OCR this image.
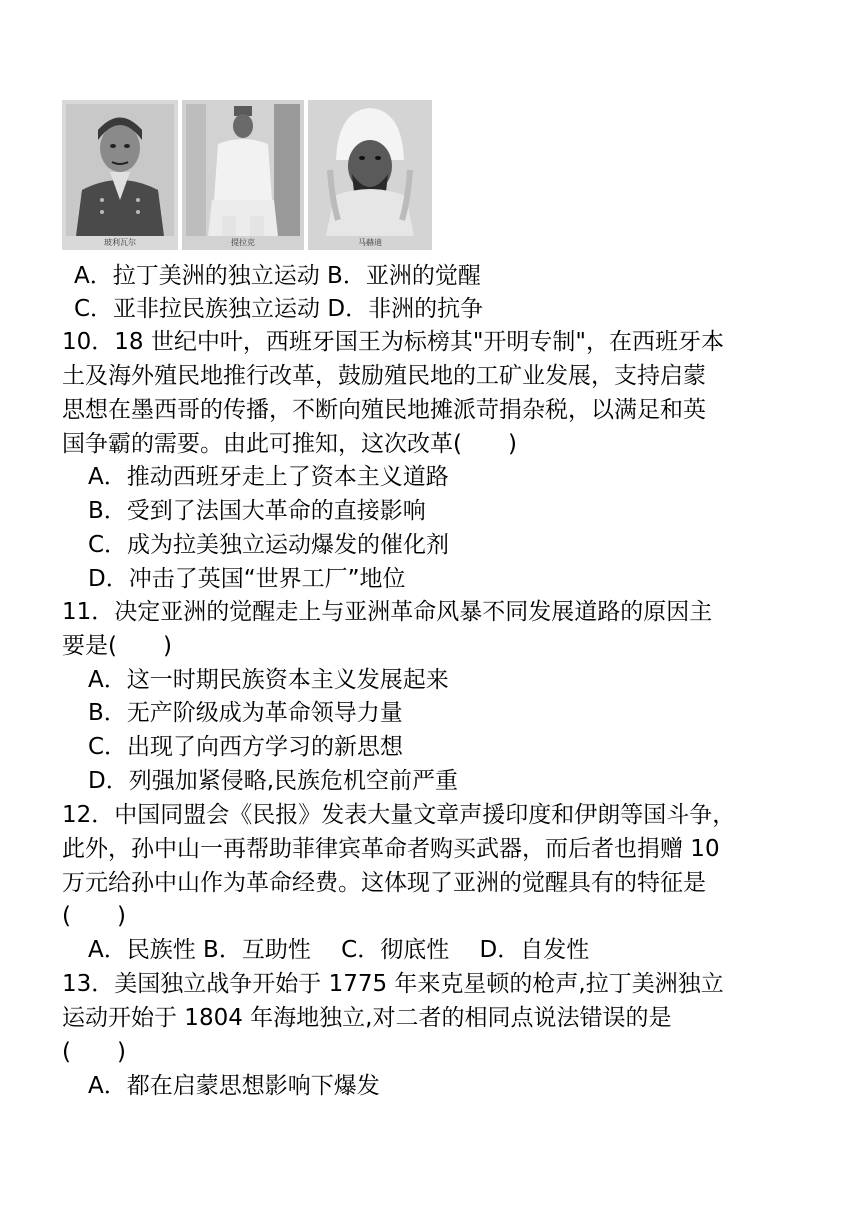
玻利瓦尔	提拉克	马赫迪
A．拉丁美洲的独立运动 B．亚洲的觉醒
C．亚非拉民族独立运动 D．非洲的抗争
10．18 世纪中叶，西班牙国王为标榜其"开明专制"，在西班牙本
土及海外殖民地推行改革，鼓励殖民地的工矿业发展，支持启蒙
思想在墨西哥的传播，不断向殖民地摊派苛捐杂税，以满足和英
国争霸的需要。由此可推知，这次改革(　　)
A．推动西班牙走上了资本主义道路
B．受到了法国大革命的直接影响
C．成为拉美独立运动爆发的催化剂
D．冲击了英国“世界工厂”地位
11．决定亚洲的觉醒走上与亚洲革命风暴不同发展道路的原因主
要是(　　)
A．这一时期民族资本主义发展起来
B．无产阶级成为革命领导力量
C．出现了向西方学习的新思想
D．列强加紧侵略,民族危机空前严重
12．中国同盟会《民报》发表大量文章声援印度和伊朗等国斗争，
此外，孙中山一再帮助菲律宾革命者购买武器，而后者也捐赠 10
万元给孙中山作为革命经费。这体现了亚洲的觉醒具有的特征是
(　　)
A．民族性 B．互助性　 C．彻底性　 D．自发性
13．美国独立战争开始于 1775 年来克星顿的枪声,拉丁美洲独立
运动开始于 1804 年海地独立,对二者的相同点说法错误的是
(　　)
A．都在启蒙思想影响下爆发
